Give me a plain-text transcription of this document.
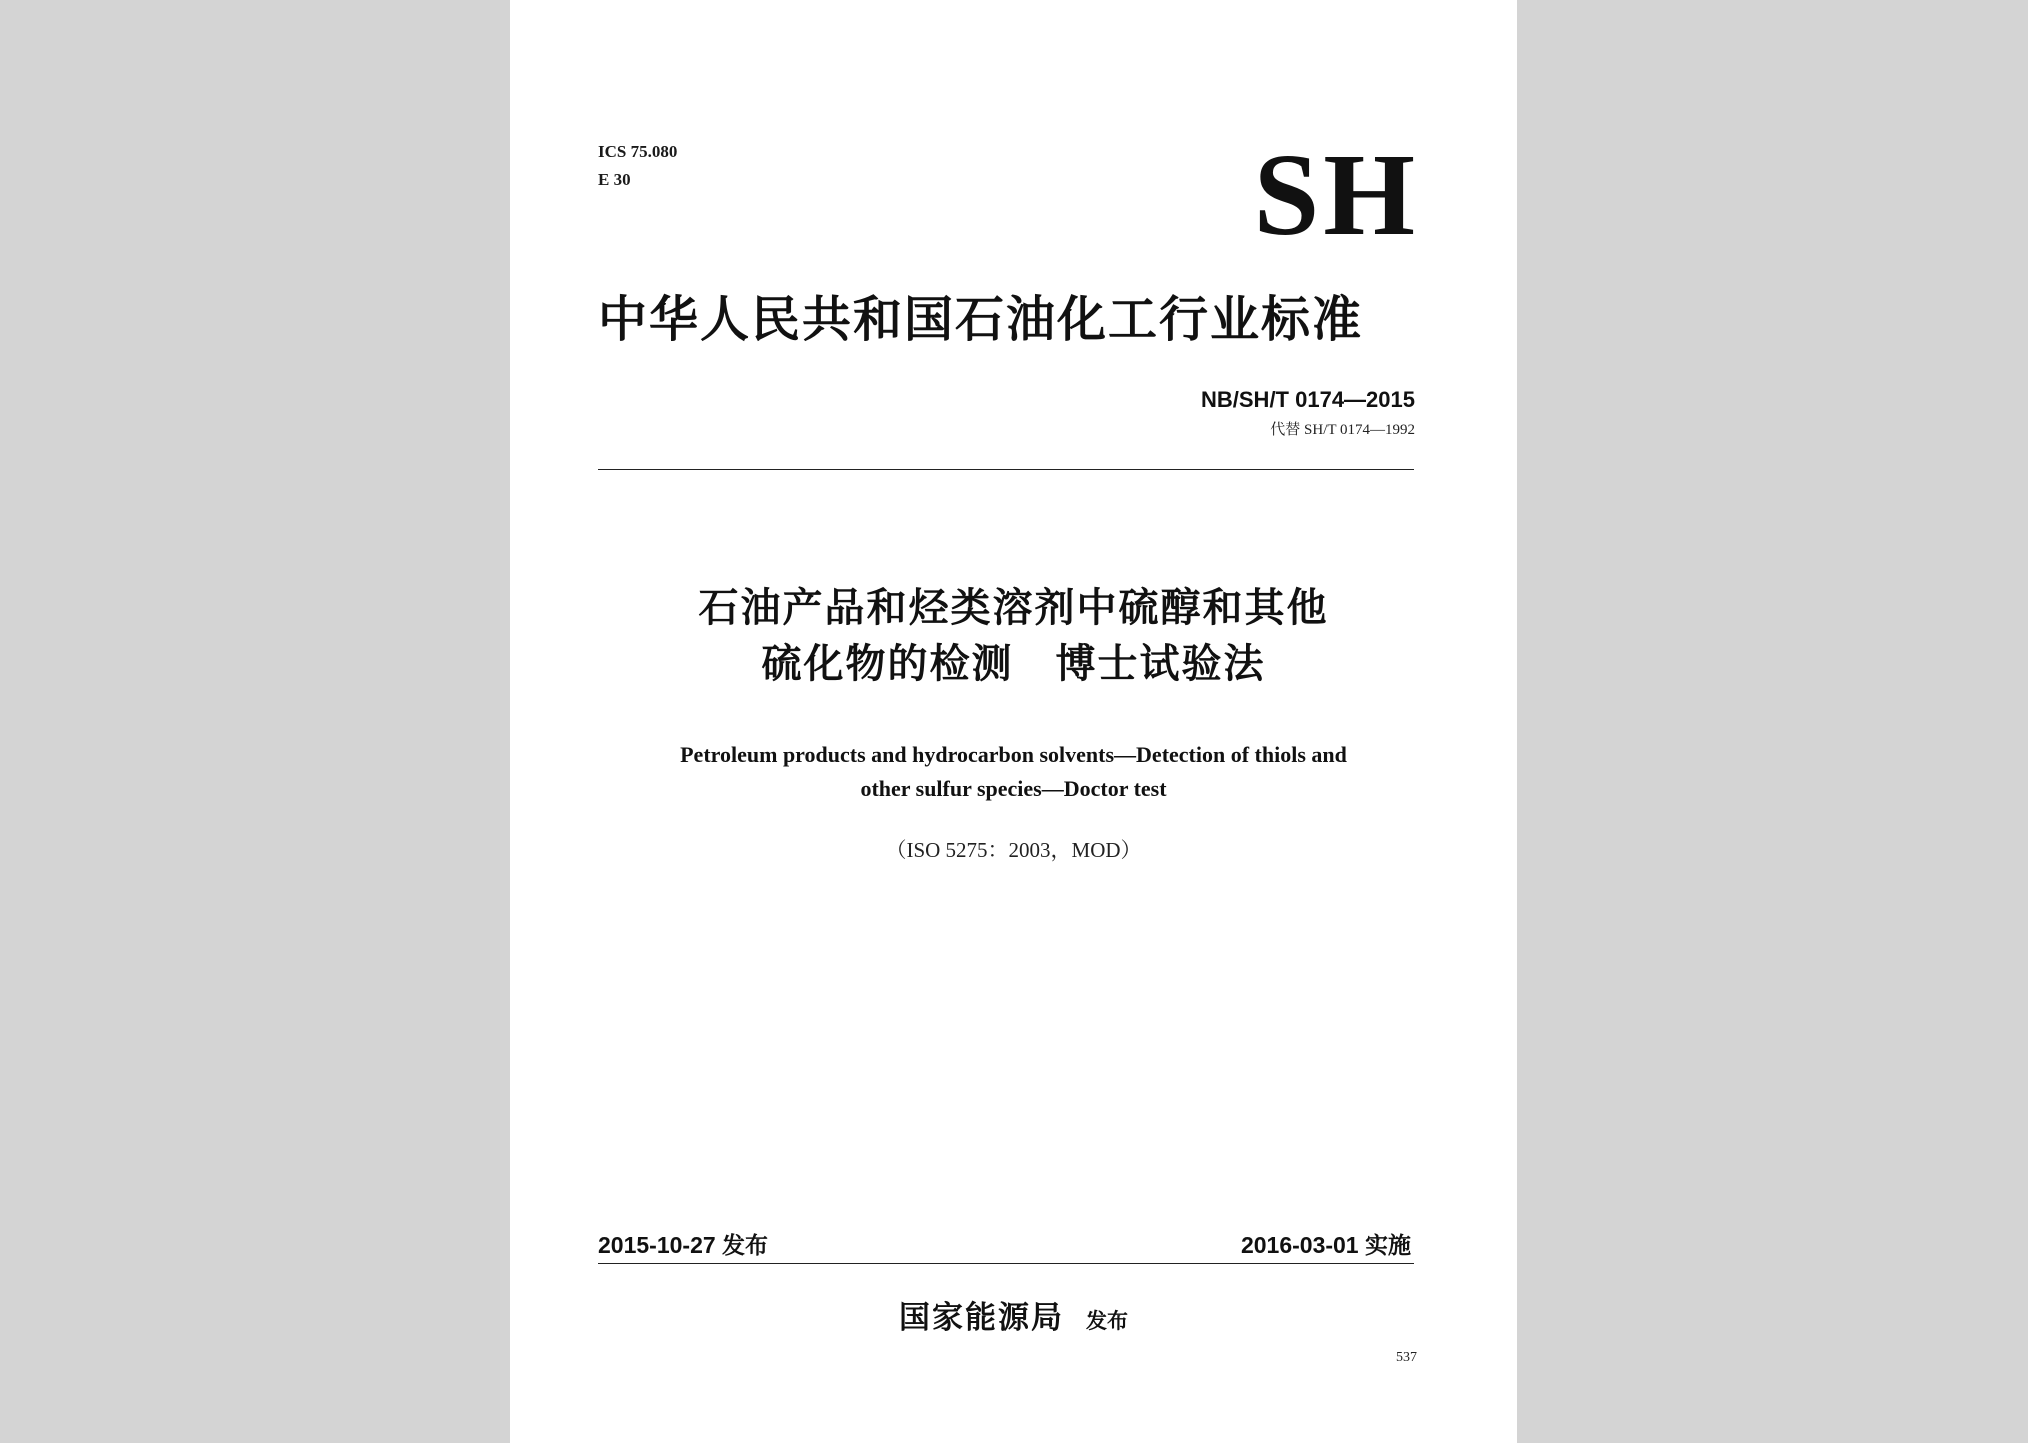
ICS 75.080
E 30	SH
中华人民共和国石油化工行业标准
NB/SH/T 0174—2015
代替 SH/T 0174—1992
石油产品和烃类溶剂中硫醇和其他
硫化物的检测　博士试验法
Petroleum products and hydrocarbon solvents—Detection of thiols and
other sulfur species—Doctor test
（ISO 5275：2003，MOD）
2015-10-27 发布	2016-03-01 实施
国家能源局 发布
537
